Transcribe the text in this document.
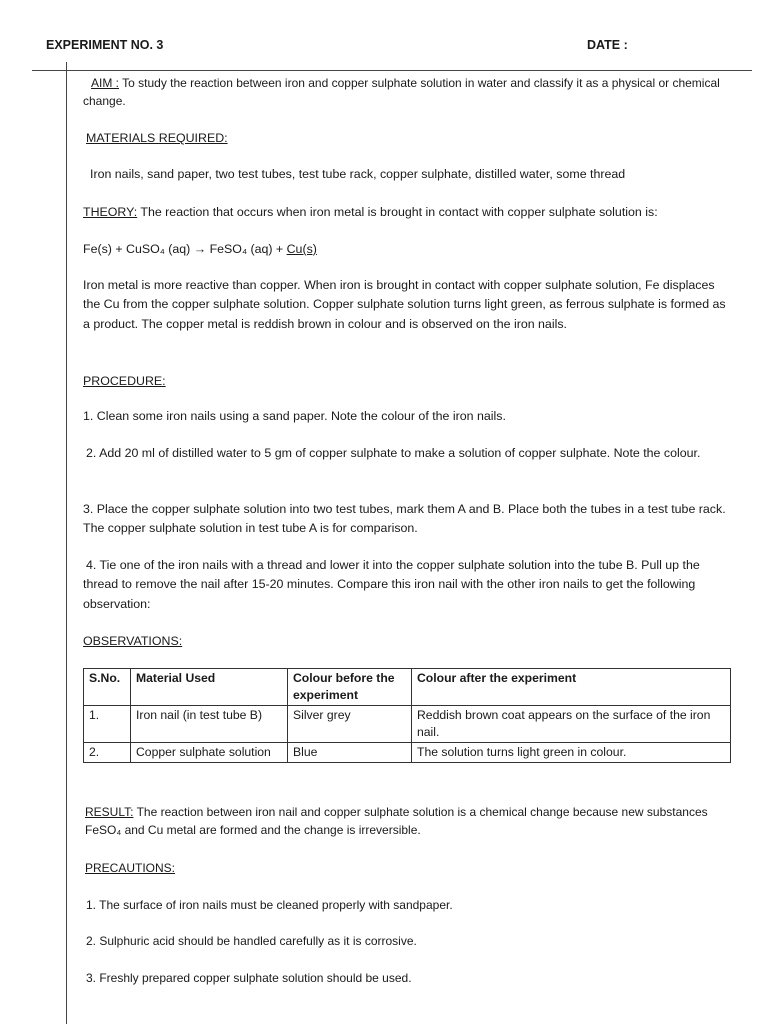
EXPERIMENT NO. 3	DATE :
AIM : To study the reaction between iron and copper sulphate solution in water and classify it as a physical or chemical change.
MATERIALS REQUIRED:
Iron nails, sand paper, two test tubes, test tube rack, copper sulphate, distilled water, some thread
THEORY: The reaction that occurs when iron metal is brought in contact with copper sulphate solution is:
Fe(s) + CuSO₄ (aq) → FeSO₄ (aq) + Cu(s)
Iron metal is more reactive than copper. When iron is brought in contact with copper sulphate solution, Fe displaces the Cu from the copper sulphate solution. Copper sulphate solution turns light green, as ferrous sulphate is formed as a product. The copper metal is reddish brown in colour and is observed on the iron nails.
PROCEDURE:
1. Clean some iron nails using a sand paper. Note the colour of the iron nails.
2. Add 20 ml of distilled water to 5 gm of copper sulphate to make a solution of copper sulphate. Note the colour.
3. Place the copper sulphate solution into two test tubes, mark them A and B. Place both the tubes in a test tube rack. The copper sulphate solution in test tube A is for comparison.
4. Tie one of the iron nails with a thread and lower it into the copper sulphate solution into the tube B. Pull up the thread to remove the nail after 15-20 minutes. Compare this iron nail with the other iron nails to get the following observation:
OBSERVATIONS:
S.No.	Material Used	Colour before the experiment	Colour after the experiment
1.	Iron nail (in test tube B)	Silver grey	Reddish brown coat appears on the surface of the iron nail.
2.	Copper sulphate solution	Blue	The solution turns light green in colour.
RESULT: The reaction between iron nail and copper sulphate solution is a chemical change because new substances FeSO₄ and Cu metal are formed and the change is irreversible.
PRECAUTIONS:
1. The surface of iron nails must be cleaned properly with sandpaper.
2. Sulphuric acid should be handled carefully as it is corrosive.
3. Freshly prepared copper sulphate solution should be used.
